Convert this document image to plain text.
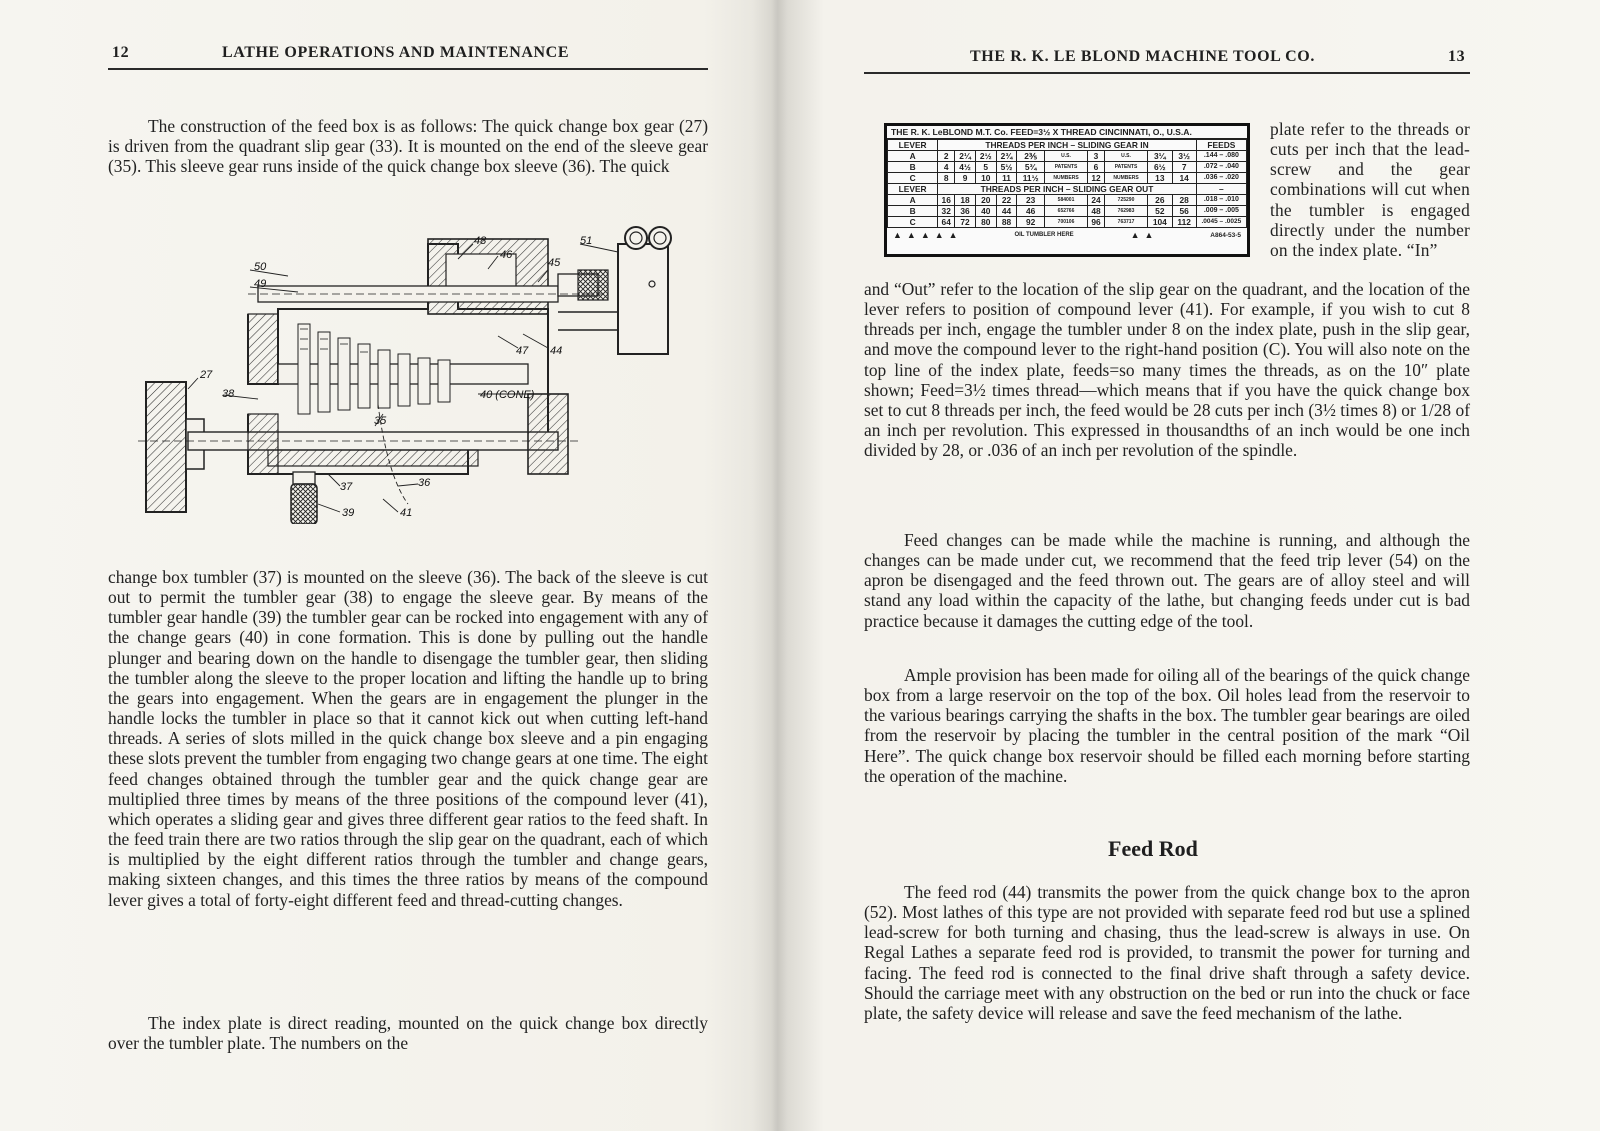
12	LATHE OPERATIONS AND MAINTENANCE

The construction of the feed box is as follows: The quick change box gear (27) is driven from the quadrant slip gear (33). It is mounted on the end of the sleeve gear (35). This sleeve gear runs inside of the quick change box sleeve (36). The quick

48
46
51
50	45
49
47 44
27
38	40 (CONE)
35
37	36
39	41

change box tumbler (37) is mounted on the sleeve (36). The back of the sleeve is cut out to permit the tumbler gear (38) to engage the sleeve gear. By means of the tumbler gear handle (39) the tumbler gear can be rocked into engagement with any of the change gears (40) in cone formation. This is done by pulling out the handle plunger and bearing down on the handle to disengage the tumbler gear, then sliding the tumbler along the sleeve to the proper location and lifting the handle up to bring the gears into engagement. When the gears are in engagement the plunger in the handle locks the tumbler in place so that it cannot kick out when cutting left-hand threads. A series of slots milled in the quick change box sleeve and a pin engaging these slots prevent the tumbler from engaging two change gears at one time. The eight feed changes obtained through the tumbler gear and the quick change gear are multiplied three times by means of the three positions of the compound lever (41), which operates a sliding gear and gives three different gear ratios to the feed shaft. In the feed train there are two ratios through the slip gear on the quadrant, each of which is multiplied by the eight different ratios through the tumbler and change gears, making sixteen changes, and this times the three ratios by means of the compound lever gives a total of forty-eight different feed and thread-cutting changes.

The index plate is direct reading, mounted on the quick change box directly over the tumbler plate. The numbers on the

THE R. K. LE BLOND MACHINE TOOL CO.	13
THE R. K. LeBLOND M.T. Co. FEED=3½ X THREAD CINCINNATI, O., U.S.A.
LEVER	THREADS PER INCH – SLIDING GEAR IN										FEEDS
A	2	2¼	2½	2¾	2⅗	U.S.	3	U.S.	3¼	3½	.144 – .080
B	4	4½	5	5½	5¾	PATENTS	6	PATENTS	6½	7	.072 – .040
C	8	9	10	11	11½	NUMBERS	12	NUMBERS	13	14	.036 – .020
LEVER	THREADS PER INCH – SLIDING GEAR OUT										–
A	16	18	20	22	23	584001	24	725290	26	28	.018 – .010
B	32	36	40	44	46	652766	48	762983	52	56	.009 – .005
C	64	72	80	88	92	700106	96	763717	104	112	.0045 – .0025
▲  ▲  ▲  ▲  ▲	OIL TUMBLER HERE	▲  ▲	A864-53-5

plate refer to the threads or cuts per inch that the lead-screw and the gear combinations will cut when the tumbler is engaged directly under the number on the index plate. “In”

and “Out” refer to the location of the slip gear on the quadrant, and the location of the lever refers to position of compound lever (41). For example, if you wish to cut 8 threads per inch, engage the tumbler under 8 on the index plate, push in the slip gear, and move the compound lever to the right-hand position (C). You will also note on the top line of the index plate, feeds=so many times the threads, as on the 10″ plate shown; Feed=3½ times thread—which means that if you have the quick change box set to cut 8 threads per inch, the feed would be 28 cuts per inch (3½ times 8) or 1/28 of an inch per revolution. This expressed in thousandths of an inch would be one inch divided by 28, or .036 of an inch per revolution of the spindle.

Feed changes can be made while the machine is running, and although the changes can be made under cut, we recommend that the feed trip lever (54) on the apron be disengaged and the feed thrown out. The gears are of alloy steel and will stand any load within the capacity of the lathe, but changing feeds under cut is bad practice because it damages the cutting edge of the tool.

Ample provision has been made for oiling all of the bearings of the quick change box from a large reservoir on the top of the box. Oil holes lead from the reservoir to the various bearings carrying the shafts in the box. The tumbler gear bearings are oiled from the reservoir by placing the tumbler in the central position of the mark “Oil Here”. The quick change box reservoir should be filled each morning before starting the operation of the machine.

Feed Rod

The feed rod (44) transmits the power from the quick change box to the apron (52). Most lathes of this type are not provided with separate feed rod but use a splined lead-screw for both turning and chasing, thus the lead-screw is always in use. On Regal Lathes a separate feed rod is provided, to transmit the power for turning and facing. The feed rod is connected to the final drive shaft through a safety device. Should the carriage meet with any obstruction on the bed or run into the chuck or face plate, the safety device will release and save the feed mechanism of the lathe.
